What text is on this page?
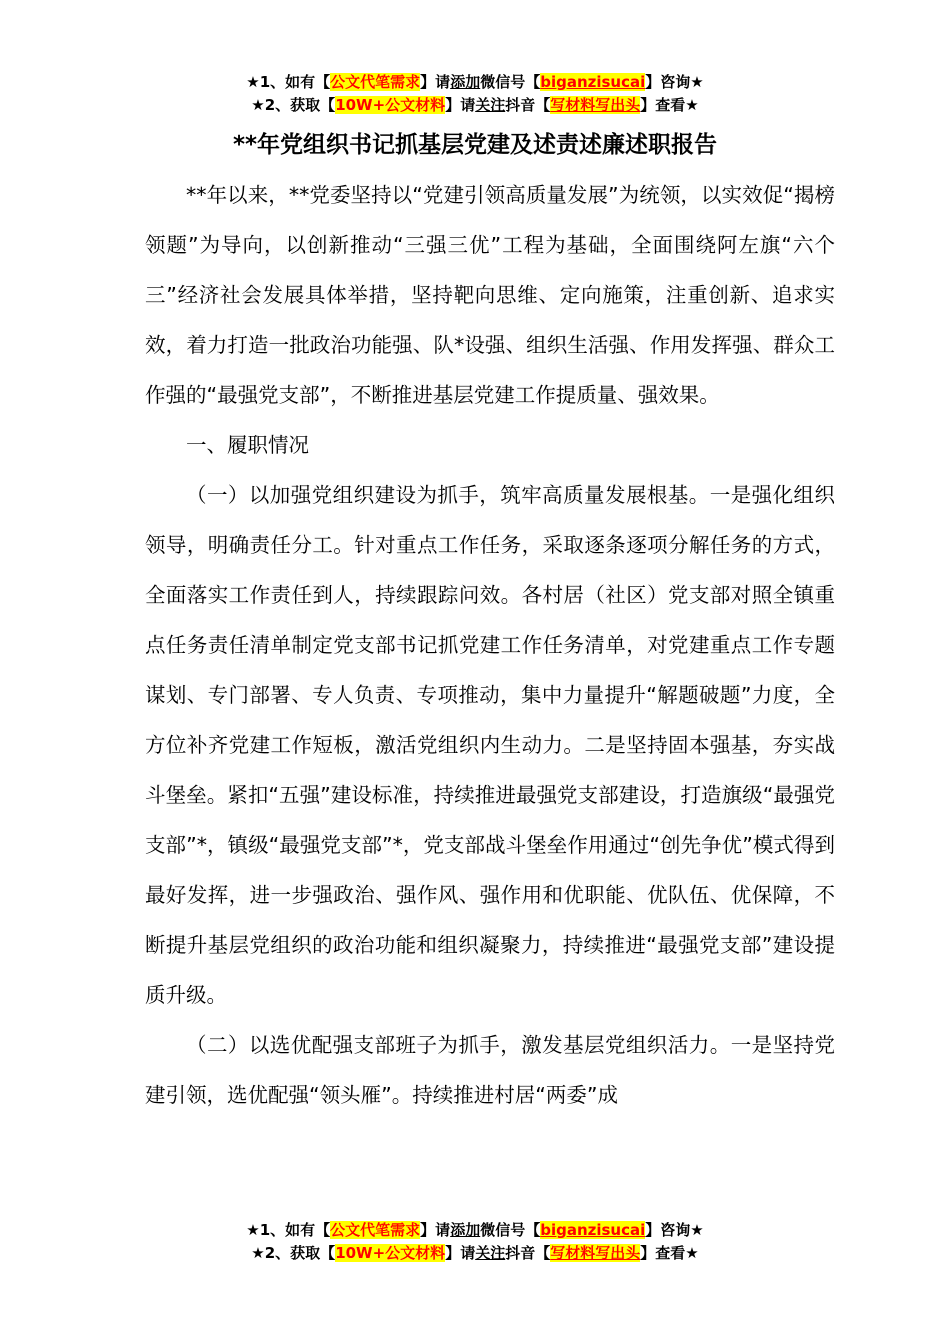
★1、如有【公文代笔需求】请添加微信号【biganzisucai】咨询★
★2、获取【10W+公文材料】请关注抖音【写材料写出头】查看★
**年党组织书记抓基层党建及述责述廉述职报告

**年以来，**党委坚持以“党建引领高质量发展”为统领，以实效促“揭榜领题”为导向，以创新推动“三强三优”工程为基础，全面围绕阿左旗“六个三”经济社会发展具体举措，坚持靶向思维、定向施策，注重创新、追求实效，着力打造一批政治功能强、队*设强、组织生活强、作用发挥强、群众工作强的“最强党支部”，不断推进基层党建工作提质量、强效果。

一、履职情况

（一）以加强党组织建设为抓手，筑牢高质量发展根基。一是强化组织领导，明确责任分工。针对重点工作任务，采取逐条逐项分解任务的方式，全面落实工作责任到人，持续跟踪问效。各村居（社区）党支部对照全镇重点任务责任清单制定党支部书记抓党建工作任务清单，对党建重点工作专题谋划、专门部署、专人负责、专项推动，集中力量提升“解题破题”力度，全方位补齐党建工作短板，激活党组织内生动力。二是坚持固本强基，夯实战斗堡垒。紧扣“五强”建设标准，持续推进最强党支部建设，打造旗级“最强党支部”*，镇级“最强党支部”*，党支部战斗堡垒作用通过“创先争优”模式得到最好发挥，进一步强政治、强作风、强作用和优职能、优队伍、优保障，不断提升基层党组织的政治功能和组织凝聚力，持续推进“最强党支部”建设提质升级。

（二）以选优配强支部班子为抓手，激发基层党组织活力。一是坚持党建引领，选优配强“领头雁”。持续推进村居“两委”成

★1、如有【公文代笔需求】请添加微信号【biganzisucai】咨询★
★2、获取【10W+公文材料】请关注抖音【写材料写出头】查看★
